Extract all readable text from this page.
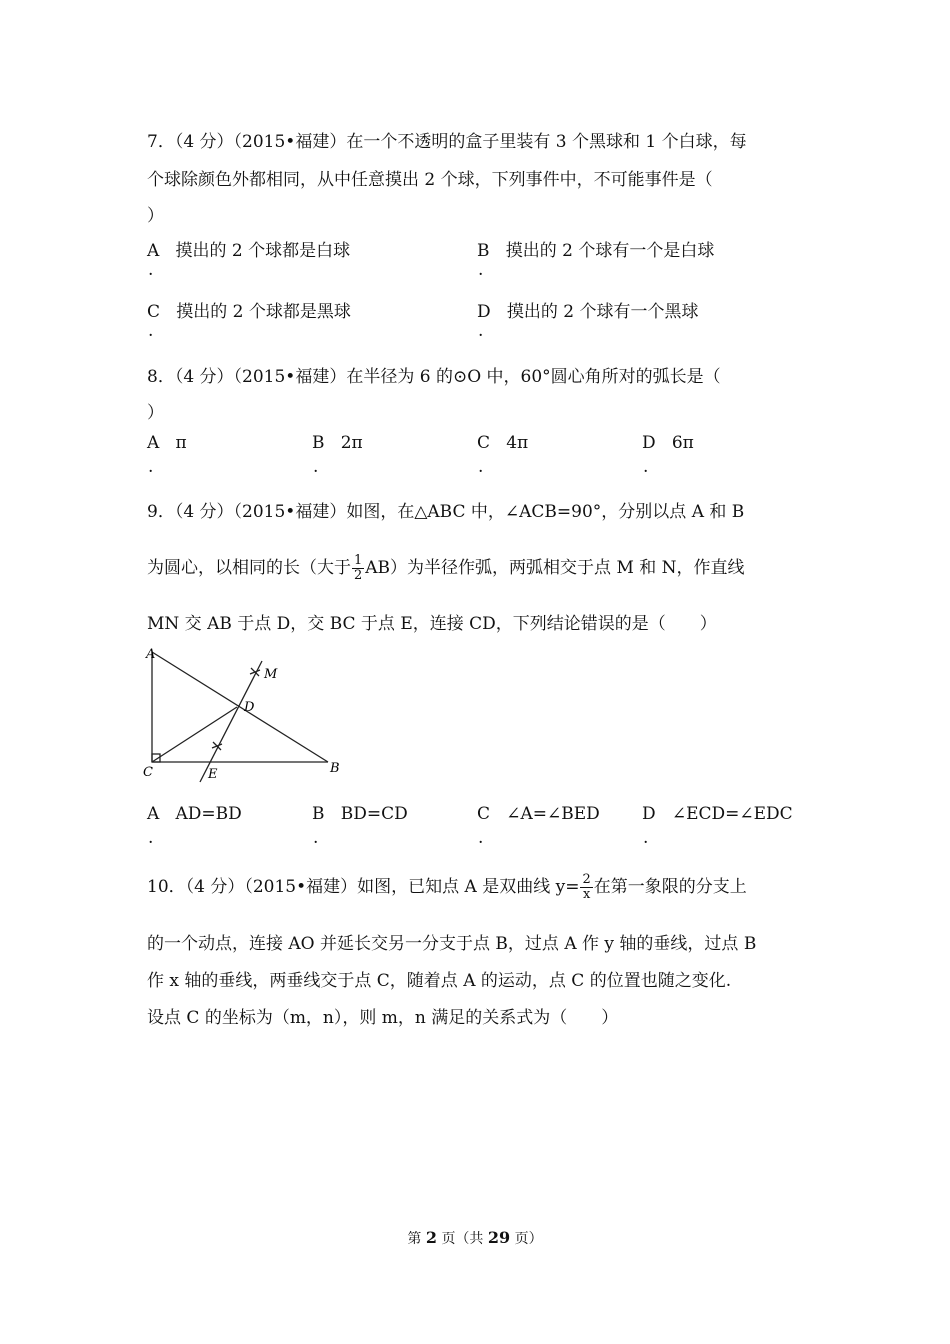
7．（4 分）（2015•福建）在一个不透明的盒子里装有 3 个黑球和 1 个白球，每
个球除颜色外都相同，从中任意摸出 2 个球，下列事件中，不可能事件是（
）
A 摸出的 2 个球都是白球
.
B 摸出的 2 个球有一个是白球
.
C 摸出的 2 个球都是黑球
.
D 摸出的 2 个球有一个黑球
.
8．（4 分）（2015•福建）在半径为 6 的⊙O 中，60°圆心角所对的弧长是（
）
A π
.
B 2π
.
C 4π
.
D 6π
.
9．（4 分）（2015•福建）如图，在△ABC 中，∠ACB=90°，分别以点 A 和 B
为圆心，以相同的长（大于 $\frac{1}{2} AB$）为半径作弧，两弧相交于点 M 和 N，作直线
MN 交 AB 于点 D，交 BC 于点 E，连接 CD，下列结论错误的是（　　）
A
B
C
D
E
M
A AD=BD
.
B BD=CD
.
C ∠A=∠BED
.
D ∠ECD=∠EDC
.
10．（4 分）（2015•福建）如图，已知点 A 是双曲线 $y= \frac{2}{x}$ 在第一象限的分支上
的一个动点，连接 AO 并延长交另一分支于点 B，过点 A 作 y 轴的垂线，过点 B
作 x 轴的垂线，两垂线交于点 C，随着点 A 的运动，点 C 的位置也随之变化.
设点 C 的坐标为（m，n），则 m，n 满足的关系式为（　　）
第 2 页（共 29 页）
